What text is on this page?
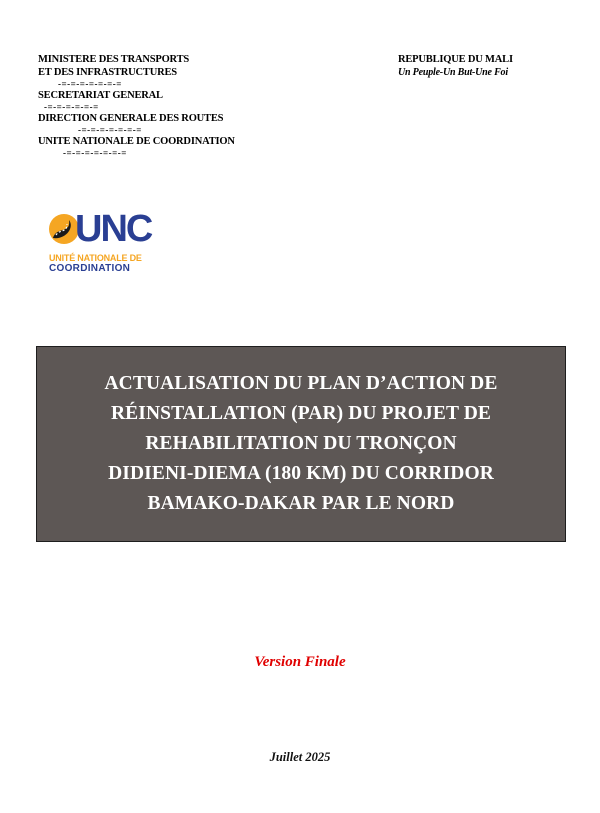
MINISTERE DES TRANSPORTS
ET DES INFRASTRUCTURES
-=-=-=-=-=-=-=
SECRETARIAT GENERAL
-=-=-=-=-=-=
DIRECTION GENERALE DES ROUTES
-=-=-=-=-=-=-=
UNITE NATIONALE DE COORDINATION
-=-=-=-=-=-=-=
REPUBLIQUE DU MALI
Un Peuple-Un But-Une Foi
UNC
UNITÉ NATIONALE DE
COORDINATION
ACTUALISATION DU PLAN D’ACTION DE
RÉINSTALLATION (PAR) DU PROJET DE
REHABILITATION DU TRONÇON
DIDIENI-DIEMA (180 KM) DU CORRIDOR
BAMAKO-DAKAR PAR LE NORD
Version Finale
Juillet 2025
